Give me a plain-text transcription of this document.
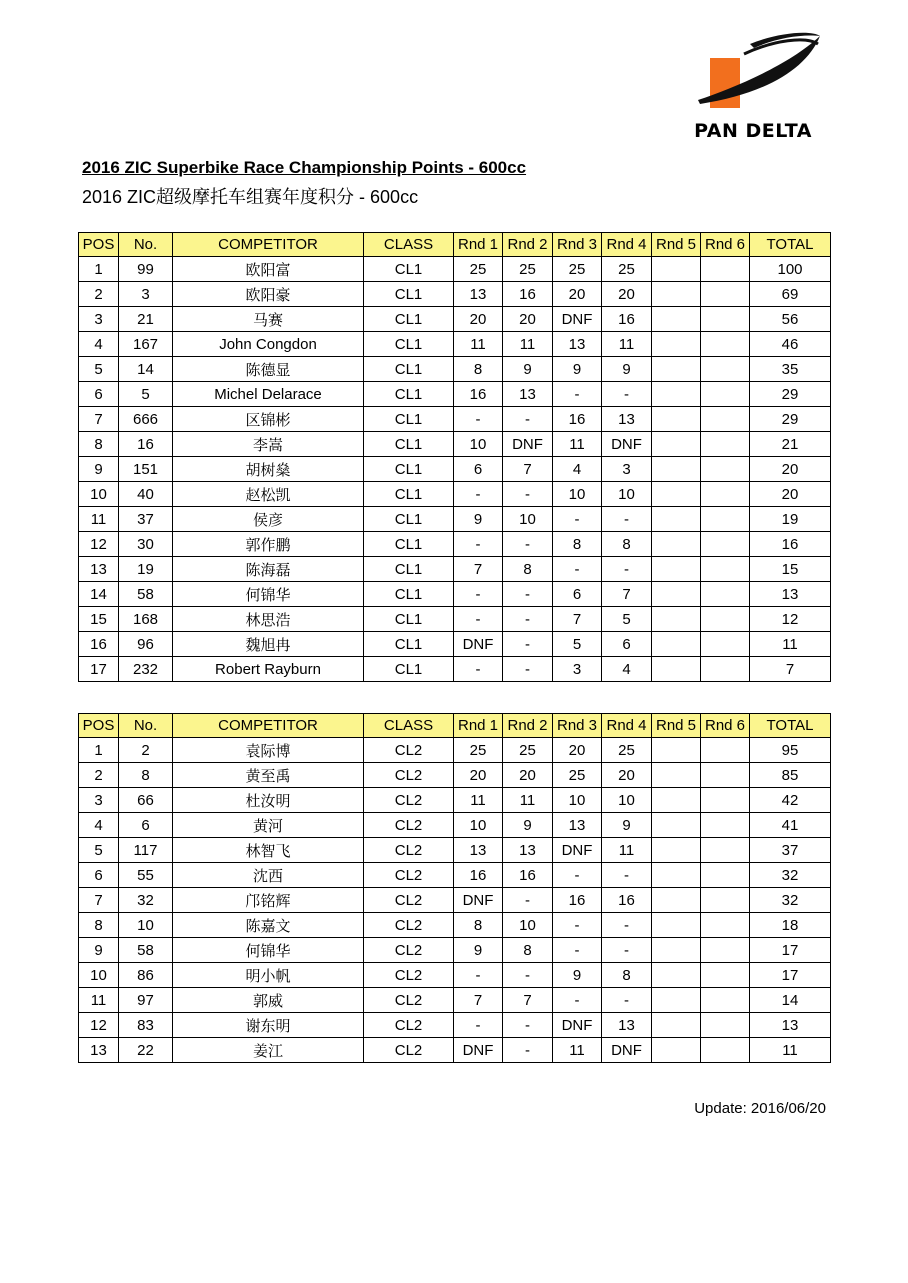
PAN DELTA
2016 ZIC Superbike Race Championship Points - 600cc
2016 ZIC超级摩托车组赛年度积分 - 600cc
POS	No.	COMPETITOR	CLASS	Rnd 1	Rnd 2	Rnd 3	Rnd 4	Rnd 5	Rnd 6	TOTAL
1	99	欧阳富	CL1	25	25	25	25			100
2	3	欧阳豪	CL1	13	16	20	20			69
3	21	马赛	CL1	20	20	DNF	16			56
4	167	John Congdon	CL1	11	11	13	11			46
5	14	陈德显	CL1	8	9	9	9			35
6	5	Michel Delarace	CL1	16	13	-	-			29
7	666	区锦彬	CL1	-	-	16	13			29
8	16	李嵩	CL1	10	DNF	11	DNF			21
9	151	胡树燊	CL1	6	7	4	3			20
10	40	赵松凯	CL1	-	-	10	10			20
11	37	侯彦	CL1	9	10	-	-			19
12	30	郭作鹏	CL1	-	-	8	8			16
13	19	陈海磊	CL1	7	8	-	-			15
14	58	何锦华	CL1	-	-	6	7			13
15	168	林思浩	CL1	-	-	7	5			12
16	96	魏旭冉	CL1	DNF	-	5	6			11
17	232	Robert Rayburn	CL1	-	-	3	4			7
POS	No.	COMPETITOR	CLASS	Rnd 1	Rnd 2	Rnd 3	Rnd 4	Rnd 5	Rnd 6	TOTAL
1	2	袁际博	CL2	25	25	20	25			95
2	8	黄至禹	CL2	20	20	25	20			85
3	66	杜汝明	CL2	11	11	10	10			42
4	6	黄河	CL2	10	9	13	9			41
5	117	林智飞	CL2	13	13	DNF	11			37
6	55	沈西	CL2	16	16	-	-			32
7	32	邝铭辉	CL2	DNF	-	16	16			32
8	10	陈嘉文	CL2	8	10	-	-			18
9	58	何锦华	CL2	9	8	-	-			17
10	86	明小帆	CL2	-	-	9	8			17
11	97	郭威	CL2	7	7	-	-			14
12	83	谢东明	CL2	-	-	DNF	13			13
13	22	姜江	CL2	DNF	-	11	DNF			11
Update: 2016/06/20
